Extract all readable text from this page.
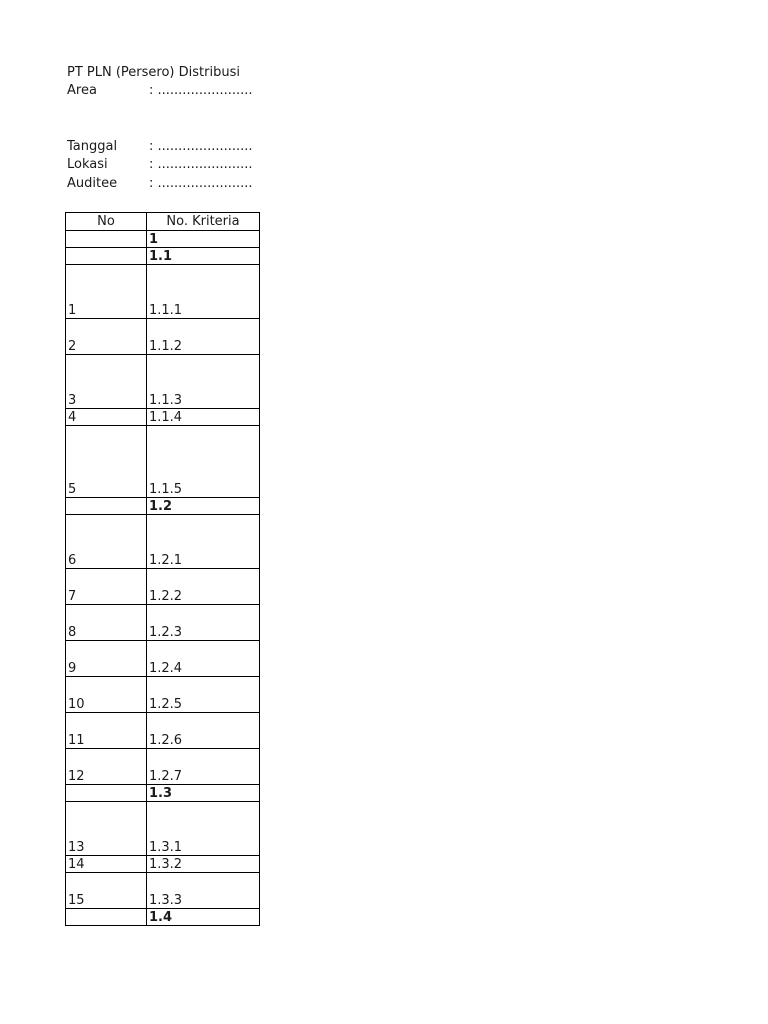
PT PLN (Persero) Distribusi
Area	: .......................
Tanggal	: .......................
Lokasi	: .......................
Auditee	: .......................
No	No. Kriteria
	1
	1.1
1	1.1.1
2	1.1.2
3	1.1.3
4	1.1.4
5	1.1.5
	1.2
6	1.2.1
7	1.2.2
8	1.2.3
9	1.2.4
10	1.2.5
11	1.2.6
12	1.2.7
	1.3
13	1.3.1
14	1.3.2
15	1.3.3
	1.4
